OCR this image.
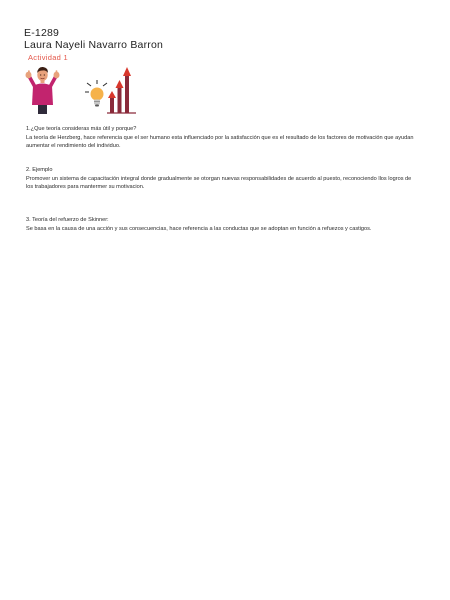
E-1289
Laura Nayeli Navarro Barron
Actividad 1

1.¿Que teoría consideras más útil y porque?

La teoría de Herzberg, hace referencia que el ser humano esta influenciado por la satisfacción que es el resultado de los factores de motivación que ayudan aumentar el rendimiento del individuo.

2. Ejemplo

Promover un sistema de capacitación integral donde gradualmente se otorgan nuevas responsabilidades de acuerdo al puesto, reconociendo llos logros de los trabajadores para mantermer su motivacion.

3. Teoría del refuerzo de Skinner:

Se basa en la causa de una acción y sus consecuencias, hace referencia a las conductas que se adoptan en función a refuezos y castigos.
